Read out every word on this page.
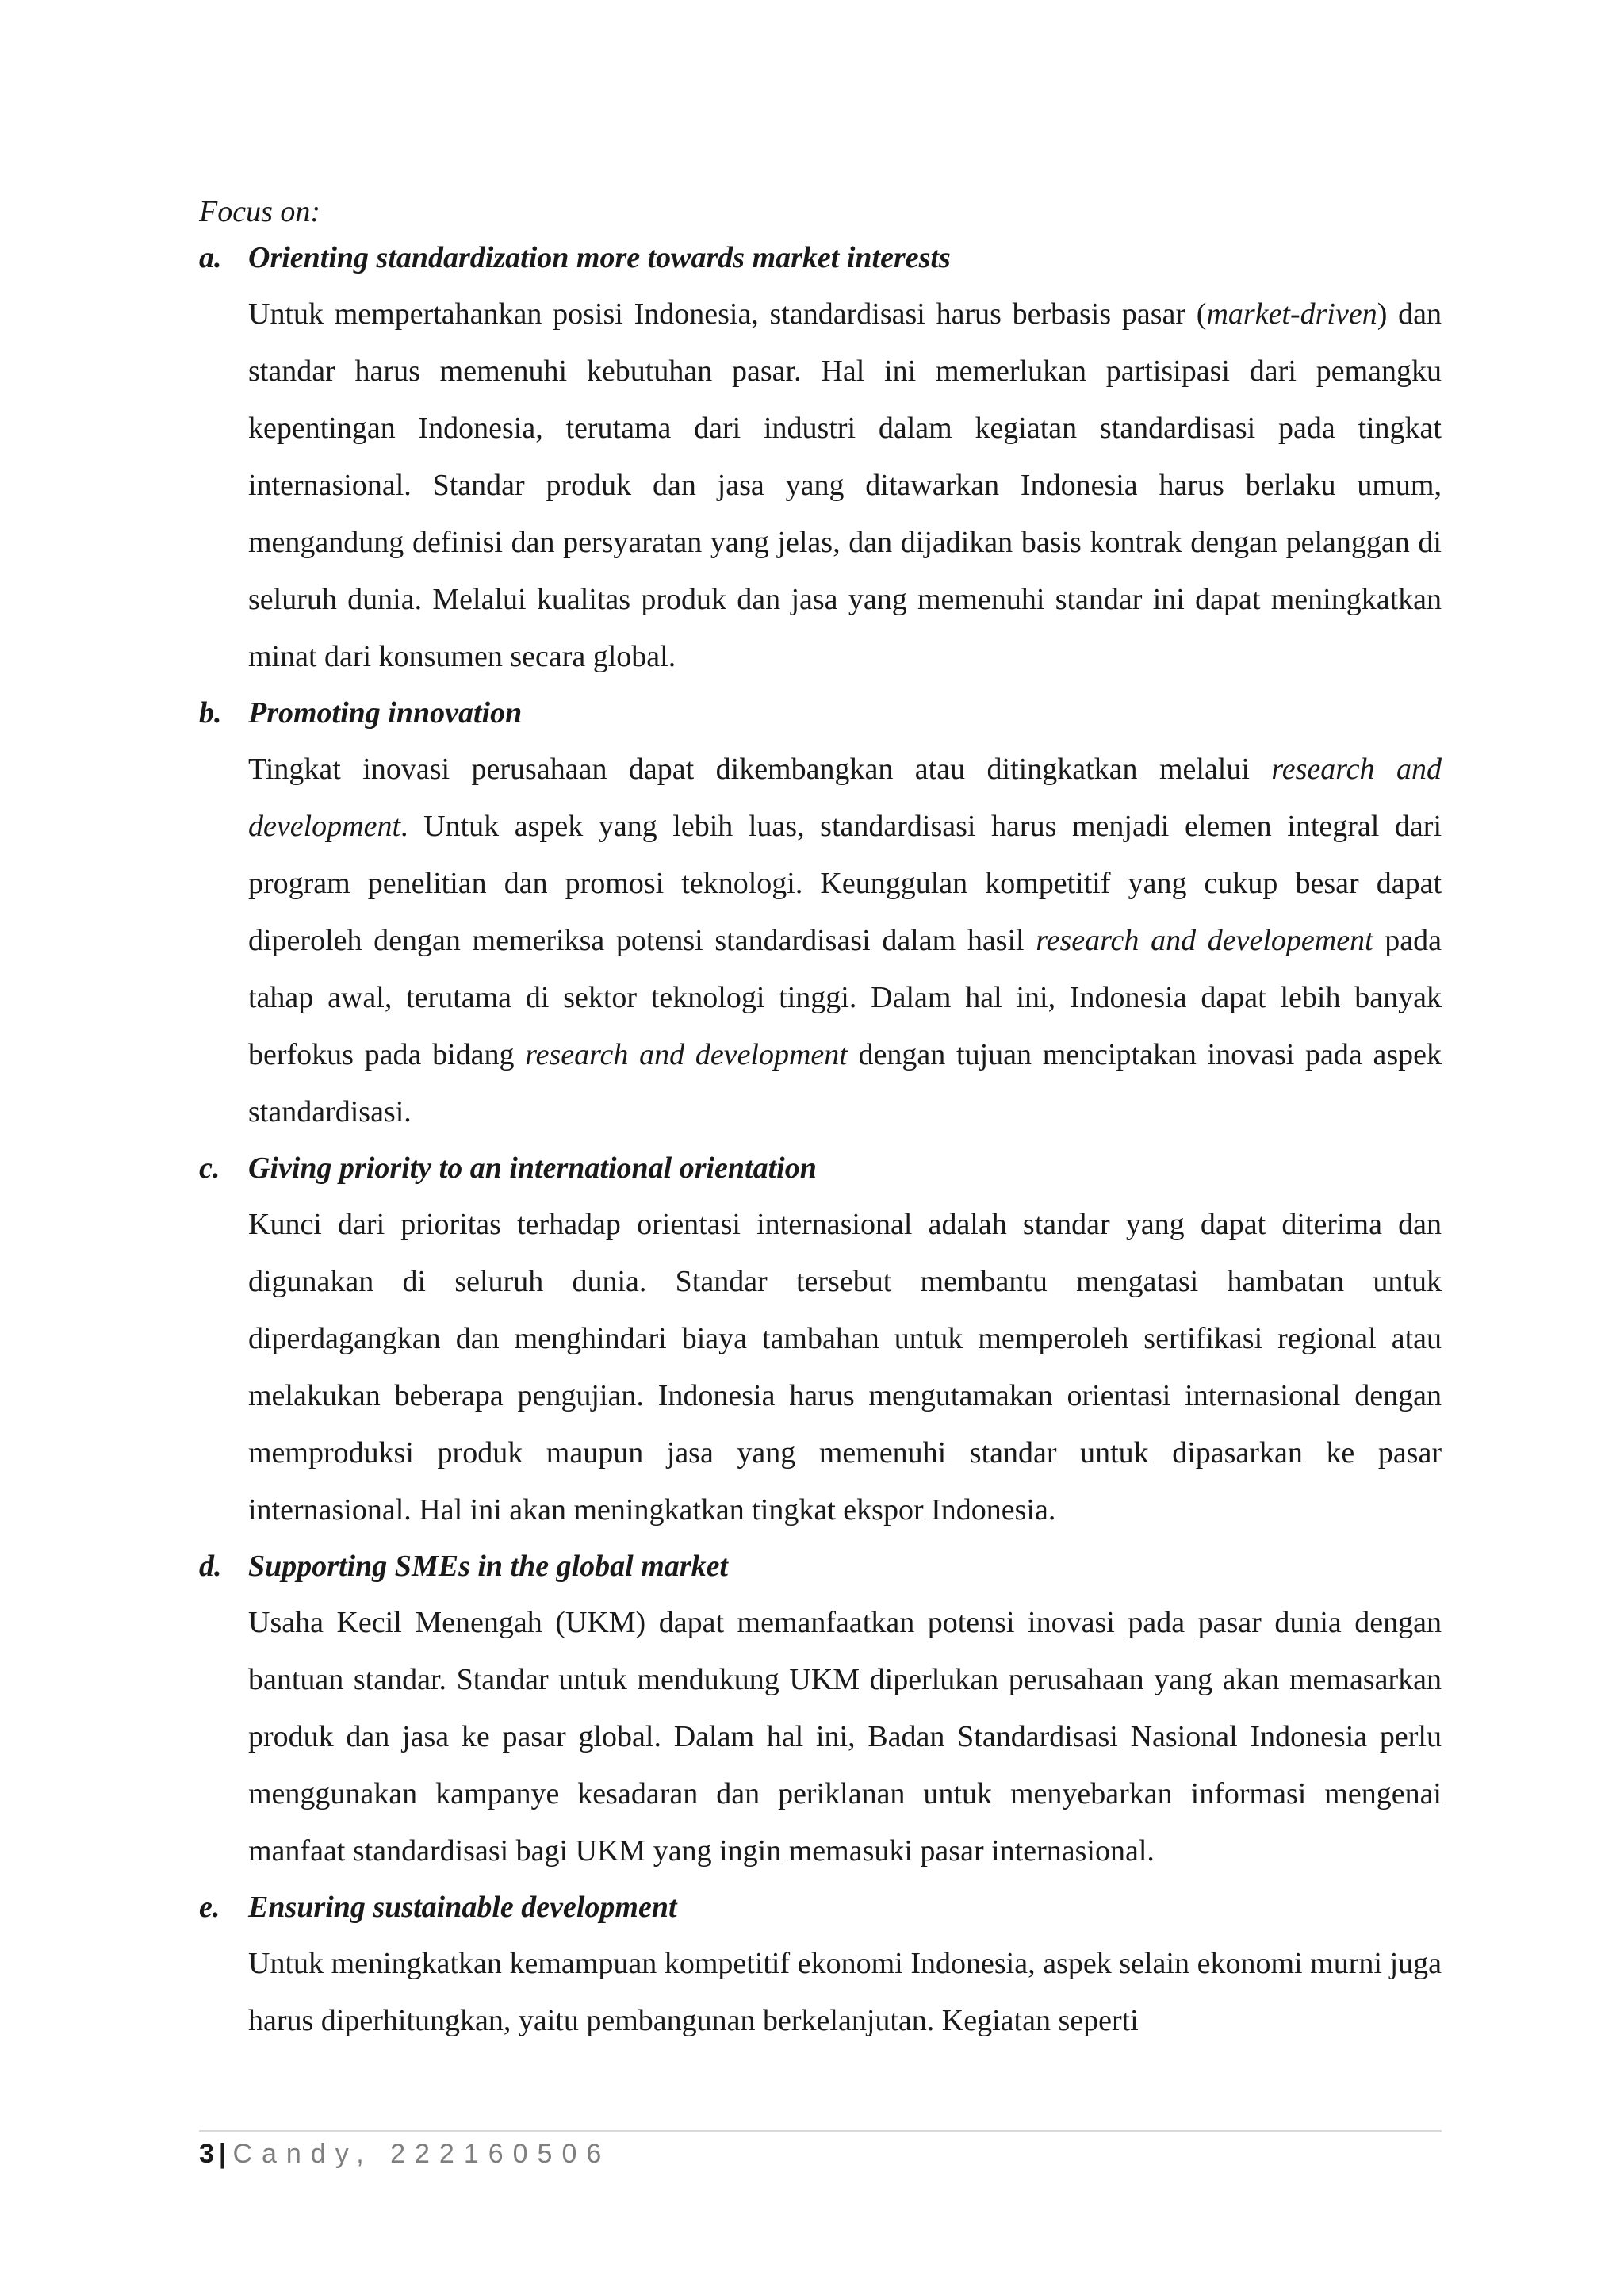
Focus on:

a. Orienting standardization more towards market interests

Untuk mempertahankan posisi Indonesia, standardisasi harus berbasis pasar (market-driven) dan standar harus memenuhi kebutuhan pasar. Hal ini memerlukan partisipasi dari pemangku kepentingan Indonesia, terutama dari industri dalam kegiatan standardisasi pada tingkat internasional. Standar produk dan jasa yang ditawarkan Indonesia harus berlaku umum, mengandung definisi dan persyaratan yang jelas, dan dijadikan basis kontrak dengan pelanggan di seluruh dunia. Melalui kualitas produk dan jasa yang memenuhi standar ini dapat meningkatkan minat dari konsumen secara global.

b. Promoting innovation

Tingkat inovasi perusahaan dapat dikembangkan atau ditingkatkan melalui research and development. Untuk aspek yang lebih luas, standardisasi harus menjadi elemen integral dari program penelitian dan promosi teknologi. Keunggulan kompetitif yang cukup besar dapat diperoleh dengan memeriksa potensi standardisasi dalam hasil research and developement pada tahap awal, terutama di sektor teknologi tinggi. Dalam hal ini, Indonesia dapat lebih banyak berfokus pada bidang research and development dengan tujuan menciptakan inovasi pada aspek standardisasi.

c. Giving priority to an international orientation

Kunci dari prioritas terhadap orientasi internasional adalah standar yang dapat diterima dan digunakan di seluruh dunia. Standar tersebut membantu mengatasi hambatan untuk diperdagangkan dan menghindari biaya tambahan untuk memperoleh sertifikasi regional atau melakukan beberapa pengujian. Indonesia harus mengutamakan orientasi internasional dengan memproduksi produk maupun jasa yang memenuhi standar untuk dipasarkan ke pasar internasional. Hal ini akan meningkatkan tingkat ekspor Indonesia.

d. Supporting SMEs in the global market

Usaha Kecil Menengah (UKM) dapat memanfaatkan potensi inovasi pada pasar dunia dengan bantuan standar. Standar untuk mendukung UKM diperlukan perusahaan yang akan memasarkan produk dan jasa ke pasar global. Dalam hal ini, Badan Standardisasi Nasional Indonesia perlu menggunakan kampanye kesadaran dan periklanan untuk menyebarkan informasi mengenai manfaat standardisasi bagi UKM yang ingin memasuki pasar internasional.

e. Ensuring sustainable development

Untuk meningkatkan kemampuan kompetitif ekonomi Indonesia, aspek selain ekonomi murni juga harus diperhitungkan, yaitu pembangunan berkelanjutan. Kegiatan seperti

3 | Candy, 222160506
